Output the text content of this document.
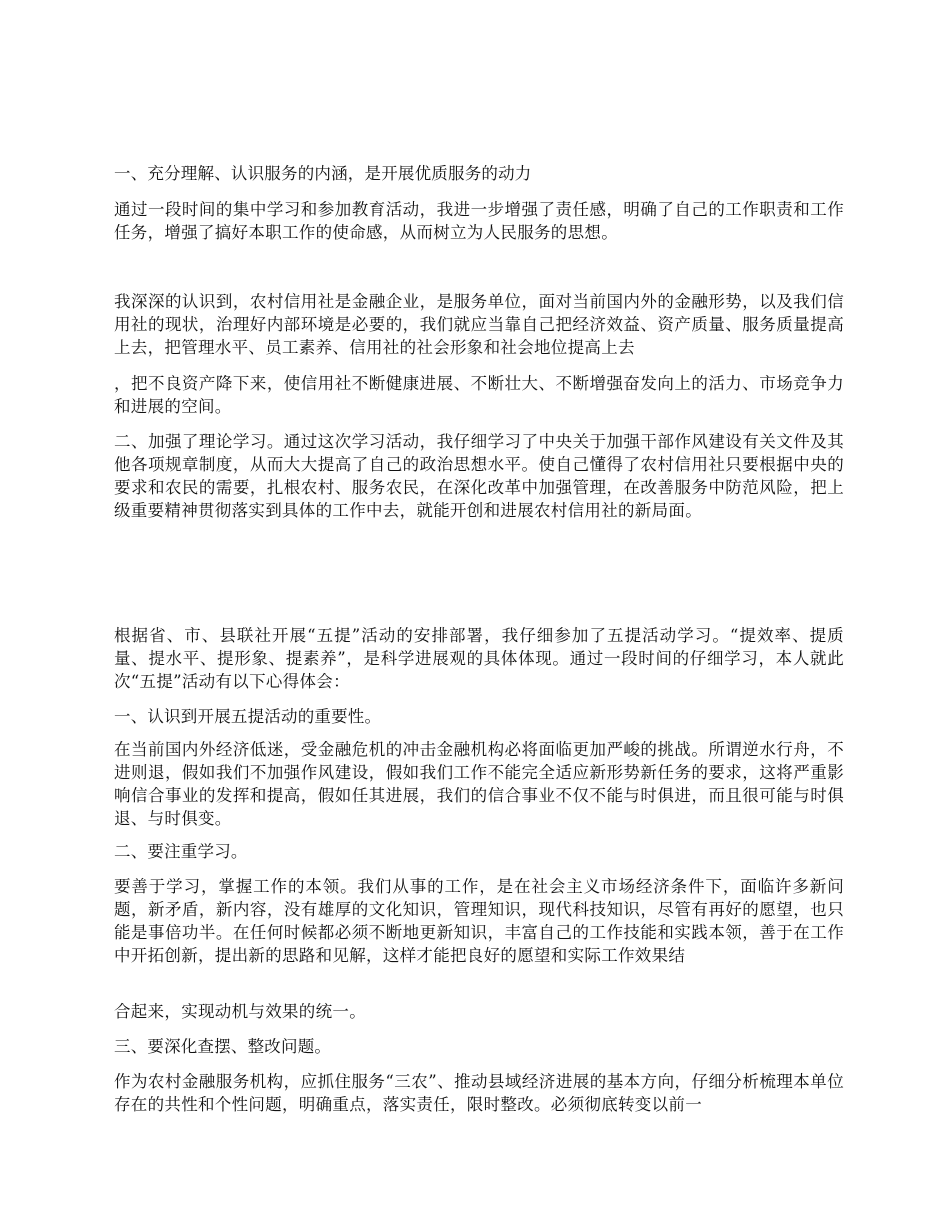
一、充分理解、认识服务的内涵，是开展优质服务的动力

通过一段时间的集中学习和参加教育活动，我进一步增强了责任感，明确了自己的工作职责和工作任务，增强了搞好本职工作的使命感，从而树立为人民服务的思想。

我深深的认识到，农村信用社是金融企业，是服务单位，面对当前国内外的金融形势，以及我们信用社的现状，治理好内部环境是必要的，我们就应当靠自己把经济效益、资产质量、服务质量提高上去，把管理水平、员工素养、信用社的社会形象和社会地位提高上去

，把不良资产降下来，使信用社不断健康进展、不断壮大、不断增强奋发向上的活力、市场竞争力和进展的空间。

二、加强了理论学习。通过这次学习活动，我仔细学习了中央关于加强干部作风建设有关文件及其他各项规章制度，从而大大提高了自己的政治思想水平。使自己懂得了农村信用社只要根据中央的要求和农民的需要，扎根农村、服务农民，在深化改革中加强管理，在改善服务中防范风险，把上级重要精神贯彻落实到具体的工作中去，就能开创和进展农村信用社的新局面。

根据省、市、县联社开展“五提”活动的安排部署，我仔细参加了五提活动学习。“提效率、提质量、提水平、提形象、提素养”，是科学进展观的具体体现。通过一段时间的仔细学习，本人就此次“五提”活动有以下心得体会：

一、认识到开展五提活动的重要性。

在当前国内外经济低迷，受金融危机的冲击金融机构必将面临更加严峻的挑战。所谓逆水行舟，不进则退，假如我们不加强作风建设，假如我们工作不能完全适应新形势新任务的要求，这将严重影响信合事业的发挥和提高，假如任其进展，我们的信合事业不仅不能与时俱进，而且很可能与时俱退、与时俱变。

二、要注重学习。

要善于学习，掌握工作的本领。我们从事的工作，是在社会主义市场经济条件下，面临许多新问题，新矛盾，新内容，没有雄厚的文化知识，管理知识，现代科技知识，尽管有再好的愿望，也只能是事倍功半。在任何时候都必须不断地更新知识，丰富自己的工作技能和实践本领，善于在工作中开拓创新，提出新的思路和见解，这样才能把良好的愿望和实际工作效果结

合起来，实现动机与效果的统一。

三、要深化查摆、整改问题。

作为农村金融服务机构，应抓住服务“三农”、推动县域经济进展的基本方向，仔细分析梳理本单位存在的共性和个性问题，明确重点，落实责任，限时整改。必须彻底转变以前一
